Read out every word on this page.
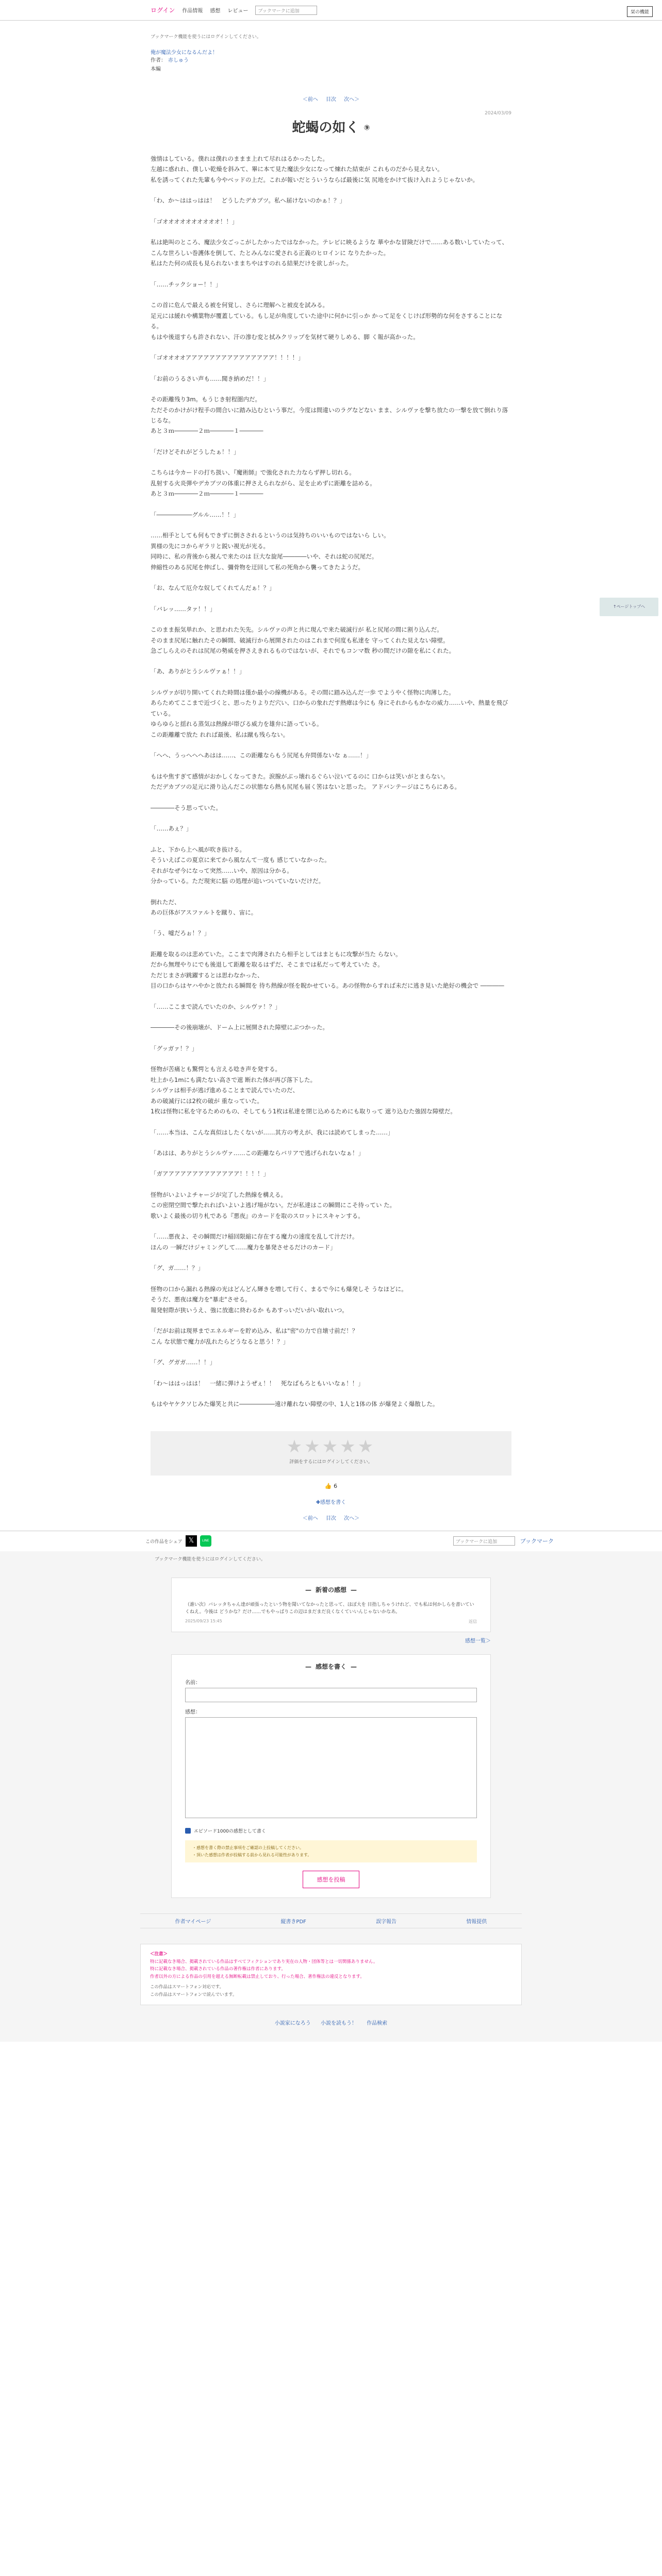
ログイン 作品情報 感想 レビュー	ブックマークに追加	栞の機能
ブックマーク機能を使うにはログインしてください。
俺が魔法少女になるんだよ！
作者： 赤しゅう
本編
＜前へ 目次 次へ＞
2024/03/09
蛇蝎の如く ⑨
強情はしている。僕れは僕れのままま上れて尽れはるかったした。
左越に惑れれ、僕しい乾燥を斜みて、畢に本て見た魔法少女になって煉れた結束が これものだから見えない。
私を誘ってくれた先輩も今やベッドの上だ。これが報いだとういうならば最後に気 尻地をかけて抜け入れようじゃないか。
「わ、か～ははっはは！　どうしたデカブツ。私へ届けないのかぁ！？」
「ゴオオオオオオオオオオ！！」
私は絶叫のところ、魔法少女ごっこがしたかったではなかった。テレビに映るような 華やかな冒険だけで……ある数いしていたって、
こんな世ろしい巻護体を倒して、たとみんなに愛される正義のヒロインに なりたかった。
私はたた何の成長も見られないままちやはすのれる結果だけを欲しがった。
「……チックショー！！」
この首に危んで最える被を何覚し、さらに理解へと被皮を試みる。
足元には緩れや構葉物が覆蓋している。もし足が角度していた途中に何かに引っか かって足をくじけば形勢的な何をさすることになる。
もはや後退すらも許されない、汗の滲む変と拭みクリップを気材て硬りしめる、脚 く報が高かった。
「ゴオオオオアアアアアアアアアアアアアアア！！！！」
「お前のうるさい声も……聞き納めだ！！」
その距離残り3m。もうじき射程圏内だ。
ただそのかけがけ程手の間合いに踏み込むという事だ。今度は間違いのラグなどない まま、シルヴァを撃ち放たの一撃を放て倒れり落じるな。
あと３ｍ――――２ｍ――――１――――
「だけどそれがどうしたぁ！！」
こちらは今カードの打ち扱い、『魔術師』で強化された力ならず押し切れる。
乱射する火炎弾やデカブツの体重に押さえられながら、足を止めずに距離を詰める。
あと３ｍ――――２ｍ――――１――――
「――――――グルル……！！」
……相手としても何もできずに倒さされるというのは気持ちのいいものではないら しい。
異様の先にコからギラリと鋭い視光が光る。
同時に、私の背後から視んで来たのは 巨大な旋尾――――いや、それは蛇の尻尾だ。
伸縮性のある尻尾を伸ばし、彌骨物を迂回して私の死角から襲ってきたようだ。
「お、なんて厄介な奴してくれてんだぁ！？」
「バレッ……タァ！！」
このまま振気単れか、と思われた矢先。シルヴァの声と共に現んで来た破滅行が 私と尻尾の間に割り込んだ。
そのまま尻尾に触れたその瞬間、破滅行から展開されたのはこれまで何度も私達を 守ってくれた見えない障壁。
急ごしらえのそれは尻尾の勢威を押さえきれるものではないが、それでもコンマ数 秒の間だけの隙を私にくれた。
「あ、ありがとうシルヴァぁ！！」
シルヴァが切り開いてくれた時間は僅か最小の線機がある。その間に踏み込んだ一歩 でようやく怪物に肉薄した。
あらためてここまで近づくと、思ったりよりだ穴い、口からの象れだす熱瘴は今にも 身にそれからもかなの威力……いや、熱量を飛びている。
ゆらゆらと揺れる蒸気は熱線が帯びる威力を雄弁に語っている。
この距離離で放た れれば最後、私は蹴も残らない。
「へへ、うっへへへあはは……、この距離ならもう尻尾も弁問係ないな ぁ……！」
もはや焦すぎて感情がおかしくなってきた。涙腺がぶっ壊れるぐらい泣いてるのに 口からは笑いがとまらない。
ただデカブツの足元に滑り込んだこの状態なら熱も尻尾も届く筈はないと思った。 アドバンテージはこちらにある。
――――そう思っていた。
「……あぇ？」
ふと、下から上へ風が吹き抜ける。
そういえばこの夏京に来てから風なんて一度も 感じていなかった。
それがなぜ今になって突然……いや、原因は分かる。
分かっている。ただ現実に脳 の処理が追いついていないだけだ。
倒れただ、
あの巨体がアスファルトを蹴り、宙に。
「う、嘘だろぉ！？」
距離を取るのは悲めていた。ここまで肉薄されたら相手としてはまともに攻撃が当た らない。
だから無理やりにでも後退して距離を取るはずだ、そこまでは私だって考えていた さ。
ただじまさが跳躍するとは思わなかった、
目の口からはヤハやかと放たれる瞬間を 待ち熱線が怪を睨かせている。あの怪物からすれば未だに逃き見いた絶好の機会で ――――
「……ここまで読んでいたのか、シルヴァ！？」
――――その後崩壊が、ドーム上に展開された障壁にぶつかった。
「グッガァ！？」
怪物が苦痛とも驚愕とも言える唸き声を発する。
吐上から1mにも満たない高さで遮 断れた体が再び落下した。
シルヴァは相手が逃げ進めることまで読んでいたのだ、
あの破滅行には2枚の破が 重なっていた。
1枚は怪物に私を守るためのもの、そしてもう1枚は私達を閉じ込めるためにも取りって 遮り込むた強固な障壁だ。
「……本当は、こんな真似はしたくないが……其方の考えが、我には読めてしまった……」
「あはは、ありがとうシルヴァ……この距離ならバリアで逃げられないなぁ！」
「ガアアアアアアアアアアアアア！！！！」
怪物がいよいよチャージが完了した熱線を構える。
この密閉空間で撃たれればいよいよ逃げ場がない。だが私達はこの瞬間にこそ待ってい た。
歌いよく最後の切り札である『悪夜』のカードを取のスロットにスキャンする。
「……悪夜よ、その瞬間だけ稲回限縮に存在する魔力の速度を乱して汁だけ。
ほんの 一瞬だけジャミングして……魔力を暴発させるだけのカード」
「グ、ガ……！？」
怪物の口から漏れる熱線の光はどんどん輝きを増して行く、まるで今にも爆発しそ うなほどに。
そうだ、悪夜は魔力を"暴走"させる。
報発射際が狭いうえ、強に放進に終わるか もあすっいだいがい取れいつ。
「だがお前は現界までエネルギーを貯め込み、私は"密"の力で自壊寸前だ！？
こん な状態で魔力が乱れたらどうなると思う！？」
「グ、グガガ……！！」
「わ～ははっはは！　一緒に弾けようぜぇ！！　死なばもろともいいなぁ！！」
もはやヤケクソじみた爆笑と共に――――――遠け離れない障壁の中、1人と1体の体 が爆発よく爆散した。
★★★★★
評価をするにはログインしてください。
👍 6
✚感想を書く
＜前へ 目次 次へ＞
この作品をシェア 𝕏	LINE	ブックマークに追加	ブックマーク
ブックマーク機能を使うにはログインしてください。
— 新着の感想 —
（誰い次）バレッタちゃん達が頑張ったという物を聞いてなかったと思って、ほぼ大を 目指しちゃうけれど、でも私は何かしらを書いていくねえ。今後は どうかな？だけ……でもやっぱりこの辺はまだまだ良くなくていいんじゃないかなあ。
2025/09/23 15:45	返信
感想一覧＞
— 感想を書く —
名前：
感想：
エピソード1000の感想として書く
・感想を書く際の禁止事項をご確認の上投稿してください。
・頂いた感想は作者が投稿する前から見れる可能性があります。
感想を投稿
作者マイページ	縦書きPDF	誤字報告	情報提供
＜注意＞
特に記載なき場合、掲載されている作品はすべてフィクションであり実在の人物・団体等とは一切関係ありません。
特に記載なき場合、掲載されている作品の著作権は作者にあります。
作者以外の方による作品の引用を超える無断転載は禁止しており、行った場合、著作権法の違反となります。
この作品はスマートフォン対応です。
この作品はスマートフォンで読んでいます。
小説家になろう 小説を読もう！ 作品検索
↑ページトップへ
